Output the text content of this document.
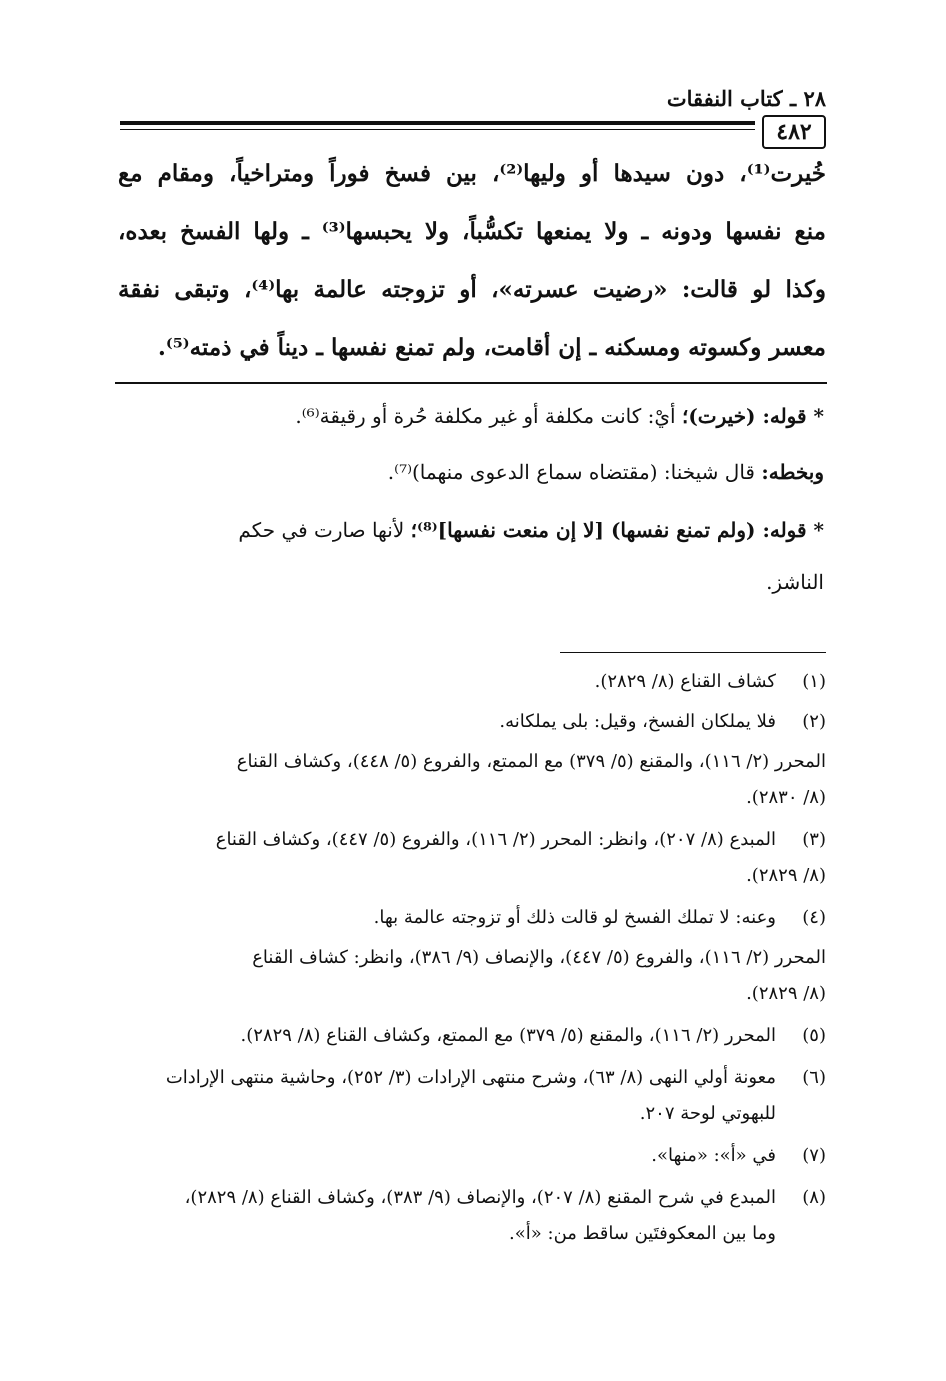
٢٨ ـ كتاب النفقات
٤٨٢
خُيرت⁽¹⁾، دون سيدها أو وليها⁽²⁾، بين فسخ فوراً ومتراخياً، ومقام مع
منع نفسها ودونه ـ ولا يمنعها تكسُّباً، ولا يحبسها⁽³⁾ ـ ولها الفسخ بعده،
وكذا لو قالت: «رضيت عسرته»، أو تزوجته عالمة بها⁽⁴⁾، وتبقى نفقة
معسر وكسوته ومسكنه ـ إن أقامت، ولم تمنع نفسها ـ ديناً في ذمته⁽⁵⁾.
* قوله: (خيرت)؛ أيْ: كانت مكلفة أو غير مكلفة حُرة أو رقيقة⁽⁶⁾.
وبخطه: قال شيخنا: (مقتضاه سماع الدعوى منهما)⁽⁷⁾.
* قوله: (ولم تمنع نفسها) [لا إن منعت نفسها]⁽⁸⁾؛ لأنها صارت في حكم
الناشز.
(١)
كشاف القناع (٨/ ٢٨٢٩).
(٢)
فلا يملكان الفسخ، وقيل: بلى يملكانه.
المحرر (٢/ ١١٦)، والمقنع (٥/ ٣٧٩) مع الممتع، والفروع (٥/ ٤٤٨)، وكشاف القناع
(٨/ ٢٨٣٠).
(٣)
المبدع (٨/ ٢٠٧)، وانظر: المحرر (٢/ ١١٦)، والفروع (٥/ ٤٤٧)، وكشاف القناع
(٨/ ٢٨٢٩).
(٤)
وعنه: لا تملك الفسخ لو قالت ذلك أو تزوجته عالمة بها.
المحرر (٢/ ١١٦)، والفروع (٥/ ٤٤٧)، والإنصاف (٩/ ٣٨٦)، وانظر: كشاف القناع
(٨/ ٢٨٢٩).
(٥)
المحرر (٢/ ١١٦)، والمقنع (٥/ ٣٧٩) مع الممتع، وكشاف القناع (٨/ ٢٨٢٩).
(٦)
معونة أولي النهى (٨/ ٦٣)، وشرح منتهى الإرادات (٣/ ٢٥٢)، وحاشية منتهى الإرادات
للبهوتي لوحة ٢٠٧.
(٧)
في «أ»: «منها».
(٨)
المبدع في شرح المقنع (٨/ ٢٠٧)، والإنصاف (٩/ ٣٨٣)، وكشاف القناع (٨/ ٢٨٢٩)،
وما بين المعكوفتَين ساقط من: «أ».
